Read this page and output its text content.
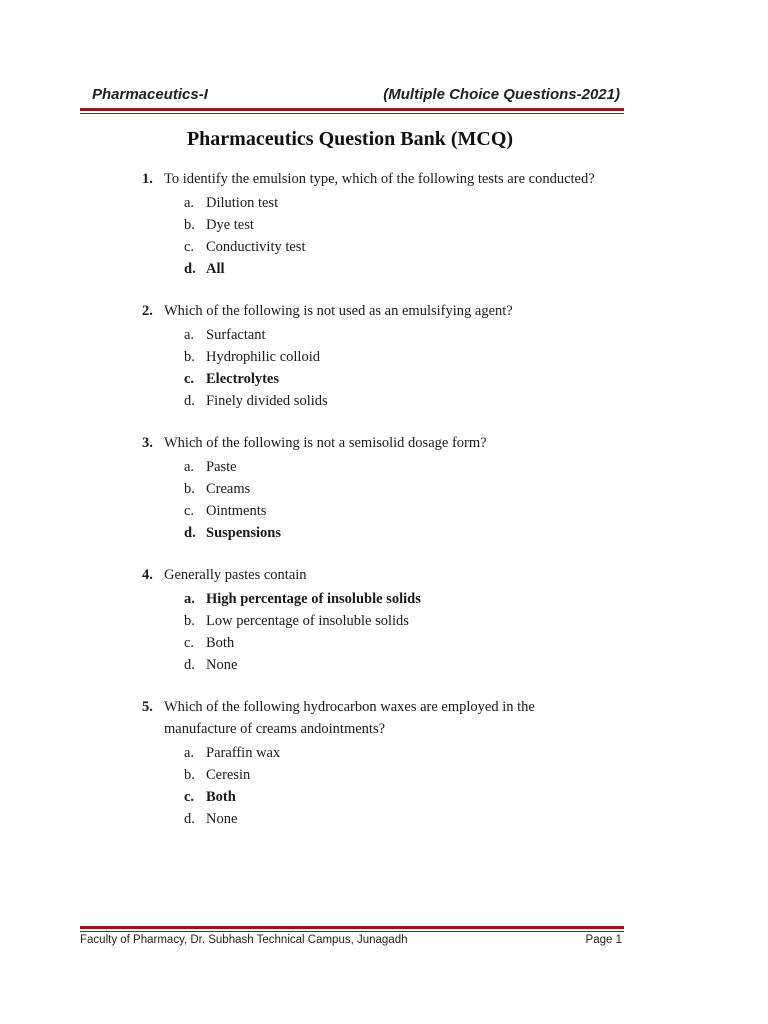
Pharmaceutics-I	(Multiple Choice Questions-2021)
Pharmaceutics Question Bank (MCQ)
1. To identify the emulsion type, which of the following tests are conducted?
a. Dilution test
b. Dye test
c. Conductivity test
d. All
2. Which of the following is not used as an emulsifying agent?
a. Surfactant
b. Hydrophilic colloid
c. Electrolytes
d. Finely divided solids
3. Which of the following is not a semisolid dosage form?
a. Paste
b. Creams
c. Ointments
d. Suspensions
4. Generally pastes contain
a. High percentage of insoluble solids
b. Low percentage of insoluble solids
c. Both
d. None
5. Which of the following hydrocarbon waxes are employed in the manufacture of creams andointments?
a. Paraffin wax
b. Ceresin
c. Both
d. None
Faculty of Pharmacy, Dr. Subhash Technical Campus, Junagadh	Page 1
